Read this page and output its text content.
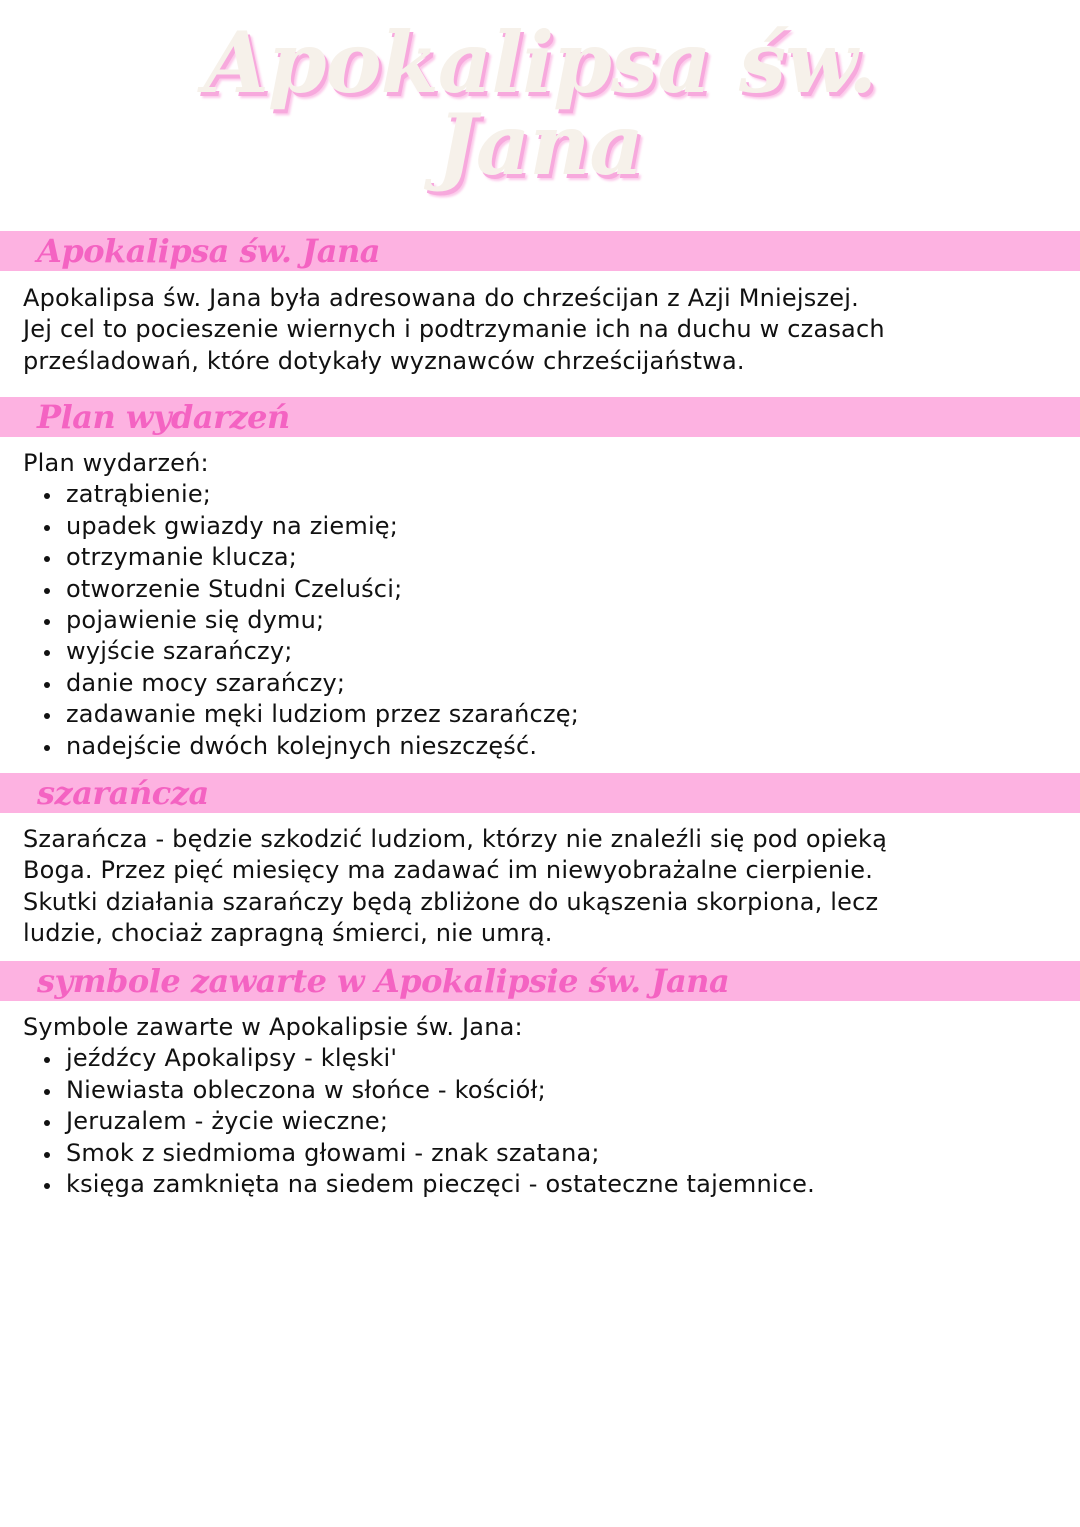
Apokalipsa św.
Jana
Apokalipsa św. Jana

Apokalipsa św. Jana była adresowana do chrześcijan z Azji Mniejszej.

Jej cel to pocieszenie wiernych i podtrzymanie ich na duchu w czasach

prześladowań, które dotykały wyznawców chrześcijaństwa.

Plan wydarzeń

Plan wydarzeń:

zatrąbienie;
upadek gwiazdy na ziemię;
otrzymanie klucza;
otworzenie Studni Czeluści;
pojawienie się dymu;
wyjście szarańczy;
danie mocy szarańczy;
zadawanie męki ludziom przez szarańczę;
nadejście dwóch kolejnych nieszczęść.
szarańcza

Szarańcza - będzie szkodzić ludziom, którzy nie znaleźli się pod opieką

Boga. Przez pięć miesięcy ma zadawać im niewyobrażalne cierpienie.

Skutki działania szarańczy będą zbliżone do ukąszenia skorpiona, lecz

ludzie, chociaż zapragną śmierci, nie umrą.

symbole zawarte w Apokalipsie św. Jana

Symbole zawarte w Apokalipsie św. Jana:

jeźdźcy Apokalipsy - klęski'
Niewiasta obleczona w słońce - kościół;
Jeruzalem - życie wieczne;
Smok z siedmioma głowami - znak szatana;
księga zamknięta na siedem pieczęci - ostateczne tajemnice.
